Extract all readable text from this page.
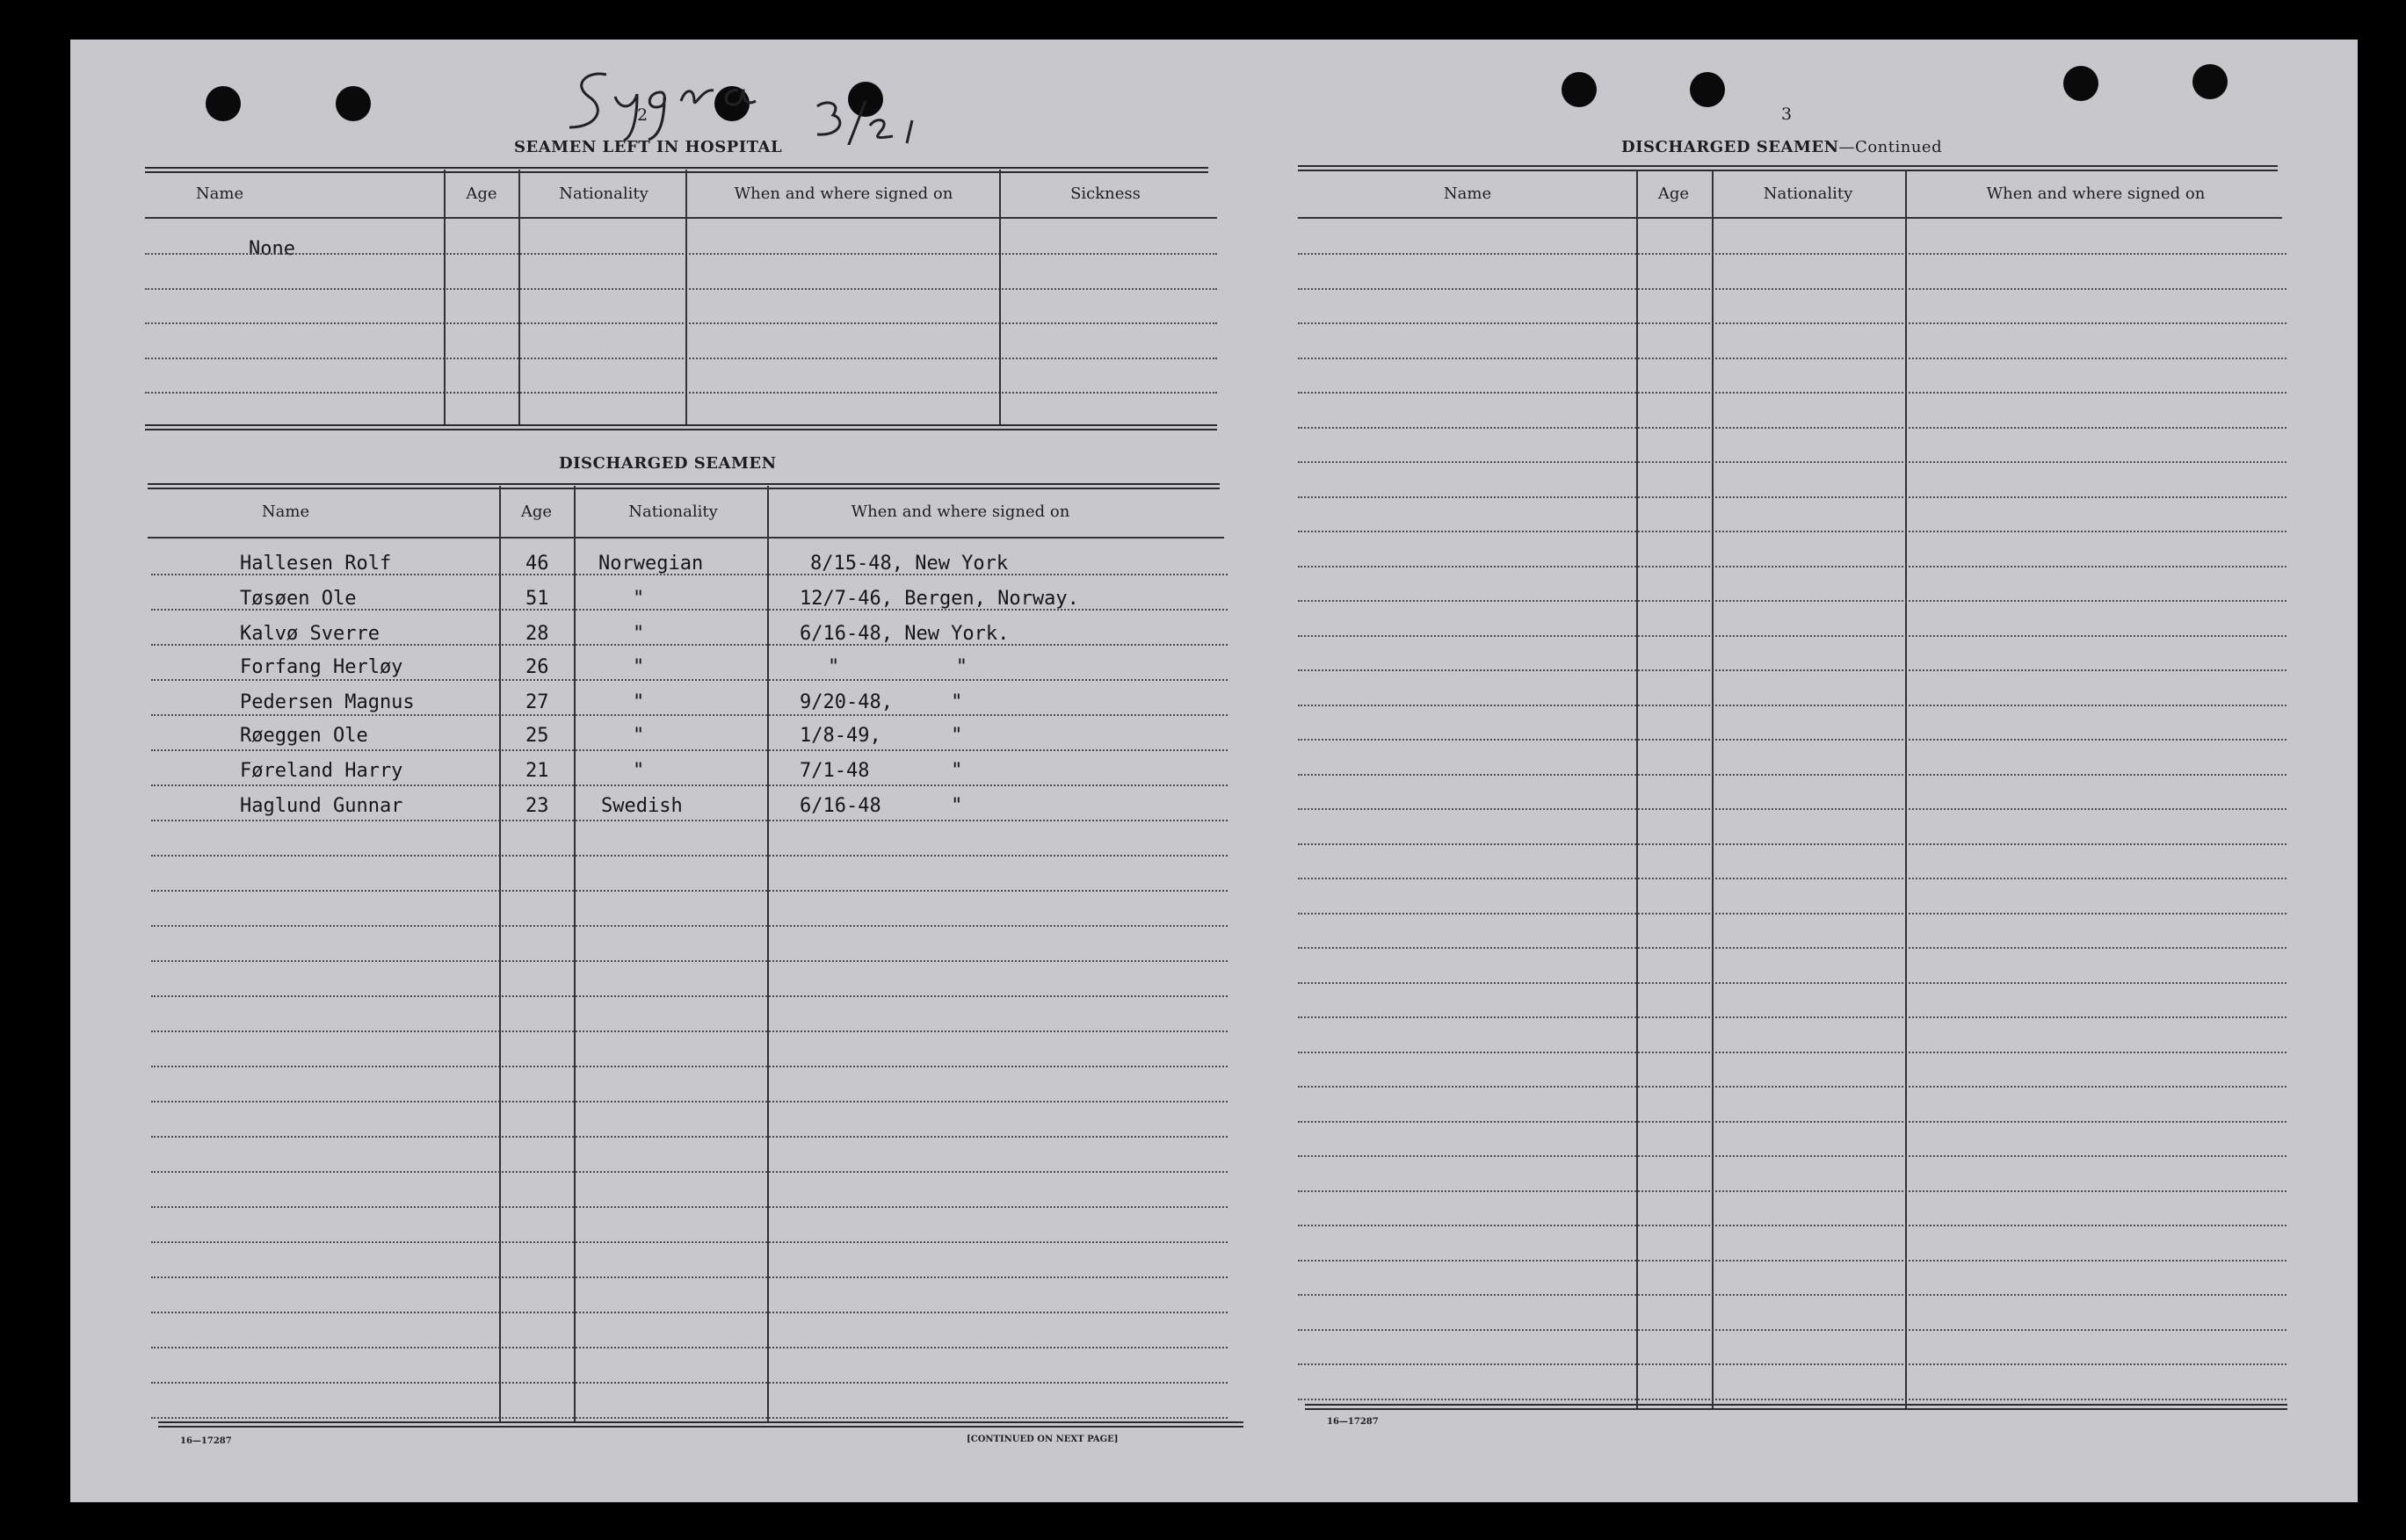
2	3
SEAMEN LEFT IN HOSPITAL
Name	Age	Nationality	When and where signed on	Sickness
None
DISCHARGED SEAMEN
Name	Age	Nationality	When and where signed on
Hallesen Rolf	46	Norwegian	8/15-48, New York
Tøsøen Ole	51	"	12/7-46, Bergen, Norway.
Kalvø Sverre	28	"	6/16-48, New York.
Forfang Herløy	26	"	"          "
Pedersen Magnus	27	"	9/20-48,     "
Røeggen Ole	25	"	1/8-49,      "
Føreland Harry	21	"	7/1-48       "
Haglund Gunnar	23	Swedish	6/16-48      "
16—17287	[CONTINUED ON NEXT PAGE]
DISCHARGED SEAMEN—Continued
Name	Age	Nationality	When and where signed on
16—17287
